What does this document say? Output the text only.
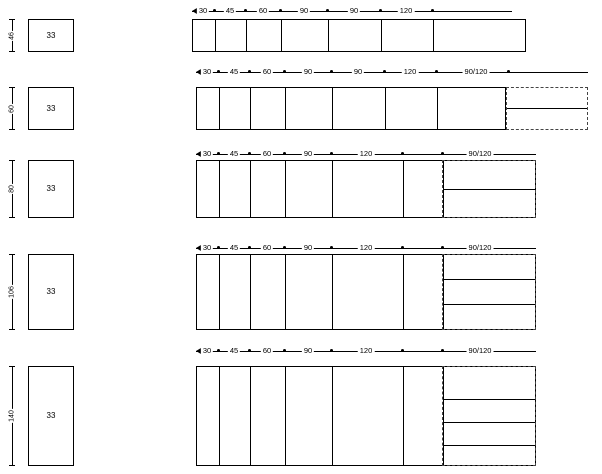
46	33
30 45	60	90	90	120
60	33
30 45	60	90	90	120	90/120
80	33
30 45	60	90	120	90/120
106	33
30 45	60	90	120	90/120
140	33
30 45	60	90	120	90/120
